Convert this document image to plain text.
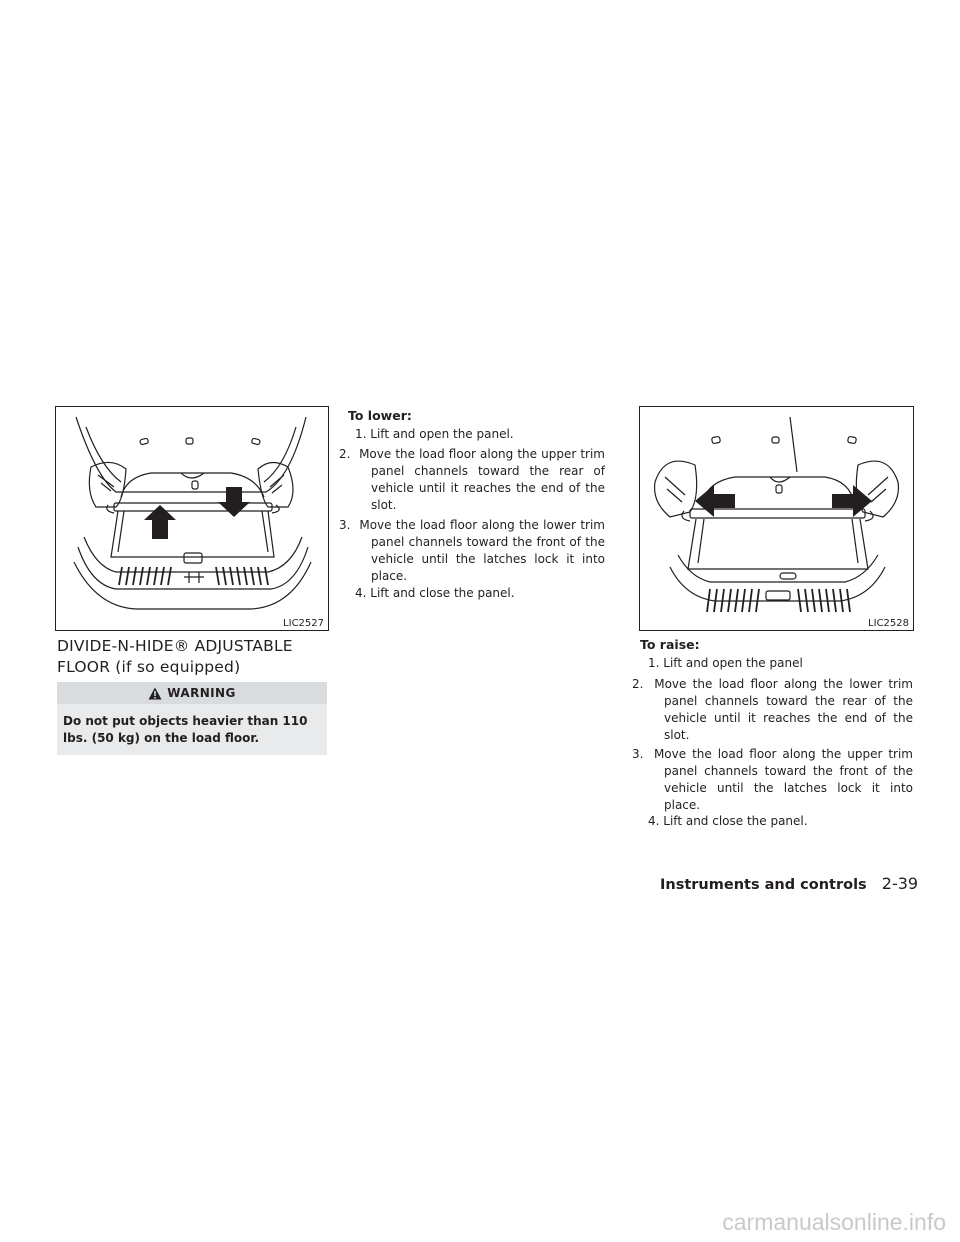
LIC2527	LIC2528
DIVIDE-N-HIDE® ADJUSTABLE
FLOOR (if so equipped)
WARNING
Do not put objects heavier than 110 lbs. (50 kg) on the load floor.
To lower:
1. Lift and open the panel.
2. Move the load floor along the upper trim panel channels toward the rear of vehicle until it reaches the end of the slot.
3. Move the load floor along the lower trim panel channels toward the front of the vehicle until the latches lock it into place.
4. Lift and close the panel.
To raise:
1. Lift and open the panel
2. Move the load floor along the lower trim panel channels toward the rear of the vehicle until it reaches the end of the slot.
3. Move the load floor along the upper trim panel channels toward the front of the vehicle until the latches lock it into place.
4. Lift and close the panel.
Instruments and controls 2-39
carmanualsonline.info
